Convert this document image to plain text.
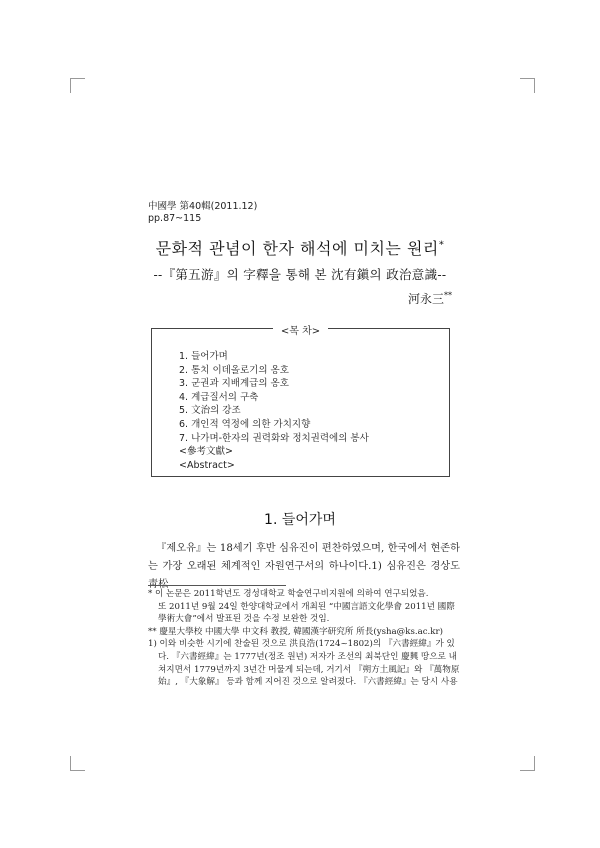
中國學 第40輯(2011.12)
pp.87~115
문화적 관념이 한자 해석에 미치는 원리*
--『第五游』의 字釋을 통해 본 沈有鎭의 政治意識--
河永三**
<목 차>
1. 들어가며
2. 통치 이데올로기의 옹호
3. 군권과 지배계급의 옹호
4. 계급질서의 구축
5. 文治의 강조
6. 개인적 역정에 의한 가치지향
7. 나가며-한자의 권력화와 정치권력에의 봉사
<參考文獻>
<Abstract>
1. 들어가며

『제오유』는 18세기 후반 심유진이 편찬하였으며, 한국에서 현존하는 가장 오래된 체계적인 자원연구서의 하나이다.1) 심유진은 경상도 靑松

* 이 논문은 2011학년도 경성대학교 학술연구비지원에 의하여 연구되었음.

또 2011년 9월 24일 한양대학교에서 개최된 “中國言語文化學會 2011년 國際學術大會”에서 발표된 것을 수정 보완한 것임.

** 慶星大學校 中國大學 中文科 教授, 韓國漢字研究所 所長(ysha@ks.ac.kr)

1) 이와 비슷한 시기에 찬술된 것으로 洪良浩(1724~1802)의 『六書經緯』가 있다. 『六書經緯』는 1777년(정조 원년) 저자가 조선의 최북단인 慶興 땅으로 내쳐지면서 1779년까지 3년간 머물게 되는데, 거기서 『朔方土風記』와 『萬物原始』, 『大象解』 등과 함께 지어진 것으로 알려졌다. 『六書經緯』는 당시 사용
